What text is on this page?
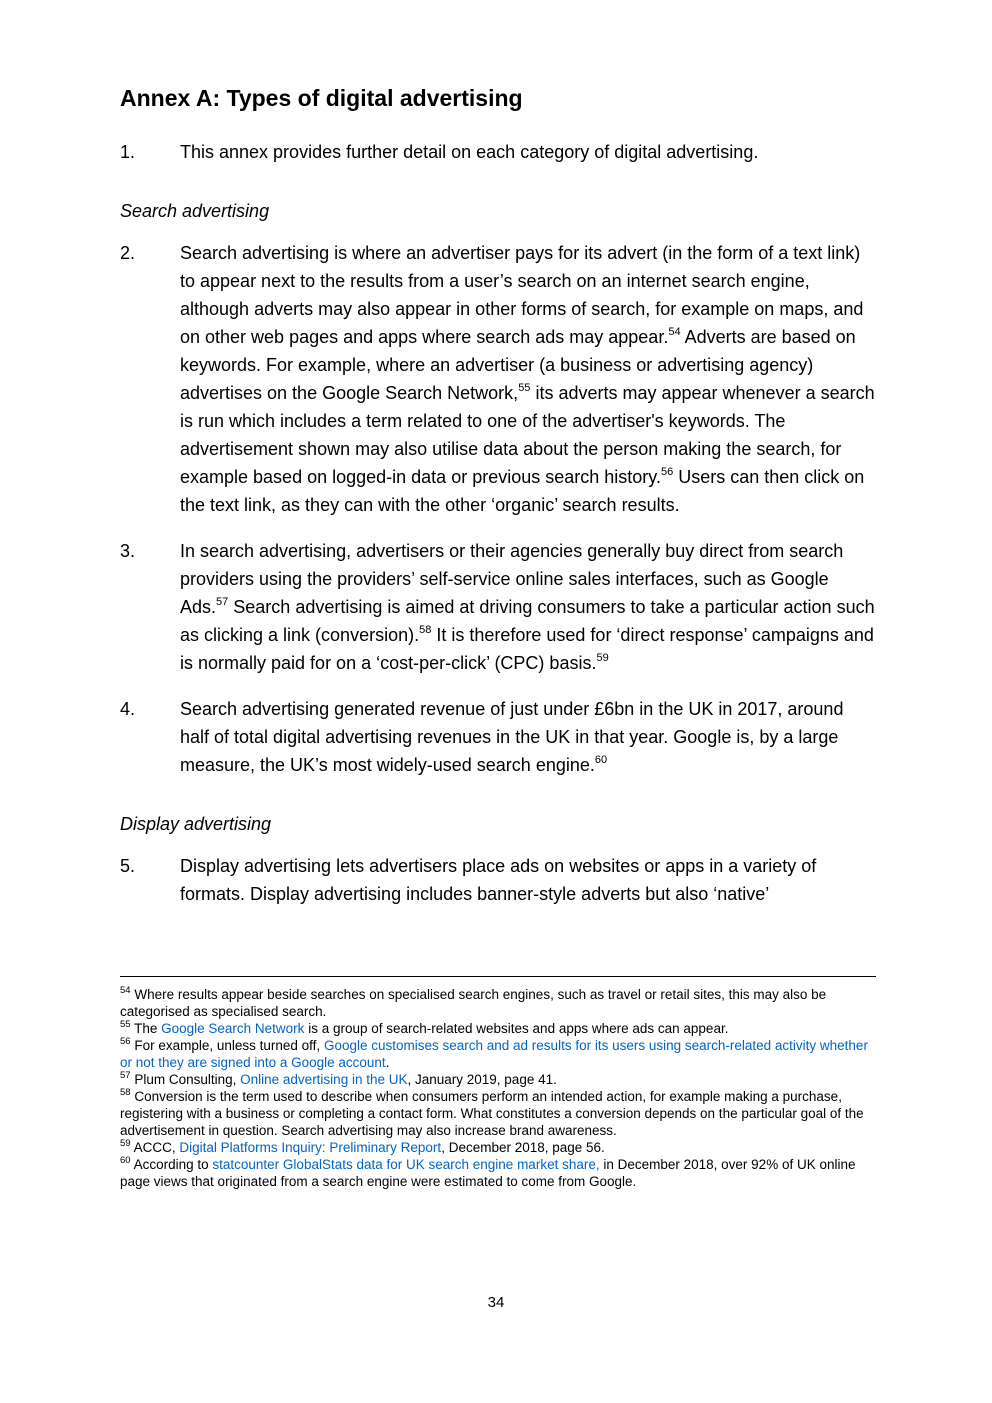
Annex A: Types of digital advertising
1.	This annex provides further detail on each category of digital advertising.
Search advertising
2.	Search advertising is where an advertiser pays for its advert (in the form of a text link) to appear next to the results from a user’s search on an internet search engine, although adverts may also appear in other forms of search, for example on maps, and on other web pages and apps where search ads may appear.$^{54}$ Adverts are based on keywords. For example, where an advertiser (a business or advertising agency) advertises on the Google Search Network,$^{55}$ its adverts may appear whenever a search is run which includes a term related to one of the advertiser's keywords. The advertisement shown may also utilise data about the person making the search, for example based on logged-in data or previous search history.$^{56}$ Users can then click on the text link, as they can with the other ‘organic’ search results.
3.	In search advertising, advertisers or their agencies generally buy direct from search providers using the providers’ self-service online sales interfaces, such as Google Ads.$^{57}$ Search advertising is aimed at driving consumers to take a particular action such as clicking a link (conversion).$^{58}$ It is therefore used for ‘direct response’ campaigns and is normally paid for on a ‘cost-per-click’ (CPC) basis.$^{59}$
4.	Search advertising generated revenue of just under £6bn in the UK in 2017, around half of total digital advertising revenues in the UK in that year. Google is, by a large measure, the UK’s most widely-used search engine.$^{60}$
Display advertising
5.	Display advertising lets advertisers place ads on websites or apps in a variety of formats. Display advertising includes banner-style adverts but also ‘native’
$^{54}$ Where results appear beside searches on specialised search engines, such as travel or retail sites, this may also be categorised as specialised search.
$^{55}$ The Google Search Network is a group of search-related websites and apps where ads can appear.
$^{56}$ For example, unless turned off, Google customises search and ad results for its users using search-related activity whether or not they are signed into a Google account.
$^{57}$ Plum Consulting, Online advertising in the UK, January 2019, page 41.
$^{58}$ Conversion is the term used to describe when consumers perform an intended action, for example making a purchase, registering with a business or completing a contact form. What constitutes a conversion depends on the particular goal of the advertisement in question. Search advertising may also increase brand awareness.
$^{59}$ ACCC, Digital Platforms Inquiry: Preliminary Report, December 2018, page 56.
$^{60}$ According to statcounter GlobalStats data for UK search engine market share, in December 2018, over 92% of UK online page views that originated from a search engine were estimated to come from Google.
34
